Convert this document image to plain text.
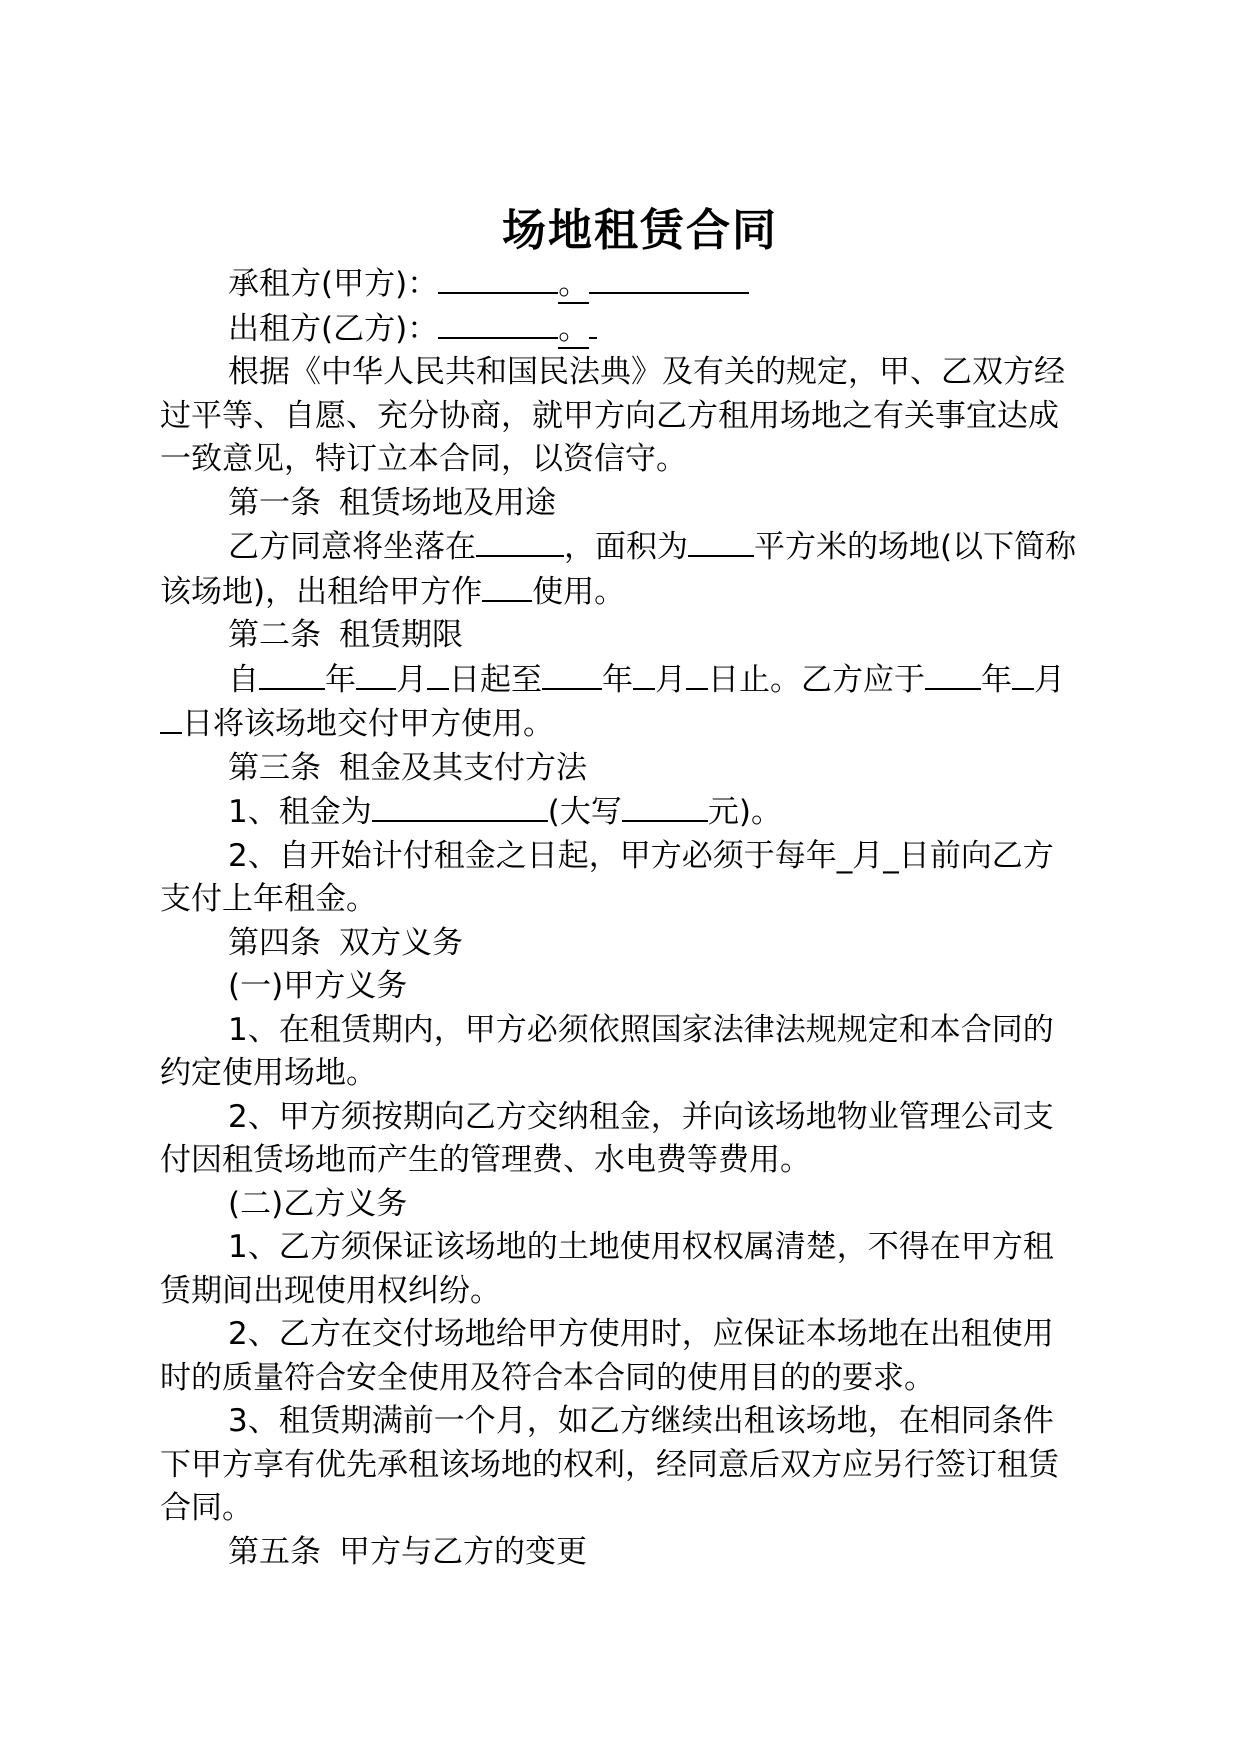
场地租赁合同

承租方(甲方)：	。

出租方(乙方)：	。

根据《中华人民共和国民法典》及有关的规定，甲、乙双方经过平等、自愿、充分协商，就甲方向乙方租用场地之有关事宜达成一致意见，特订立本合同，以资信守。

第一条 租赁场地及用途

乙方同意将坐落在	，面积为 平方米的场地(以下简称该场地)，出租给甲方作 使用。

第二条 租赁期限

自 年 月 日起至 年 月 日止。乙方应于 年 月日将该场地交付甲方使用。

第三条 租金及其支付方法

1、租金为	(大写	元)。

2、自开始计付租金之日起，甲方必须于每年_月_日前向乙方支付上年租金。

第四条 双方义务

(一)甲方义务

1、在租赁期内，甲方必须依照国家法律法规规定和本合同的约定使用场地。

2、甲方须按期向乙方交纳租金，并向该场地物业管理公司支付因租赁场地而产生的管理费、水电费等费用。

(二)乙方义务

1、乙方须保证该场地的土地使用权权属清楚，不得在甲方租赁期间出现使用权纠纷。

2、乙方在交付场地给甲方使用时，应保证本场地在出租使用时的质量符合安全使用及符合本合同的使用目的的要求。

3、租赁期满前一个月，如乙方继续出租该场地，在相同条件下甲方享有优先承租该场地的权利，经同意后双方应另行签订租赁合同。

第五条 甲方与乙方的变更
